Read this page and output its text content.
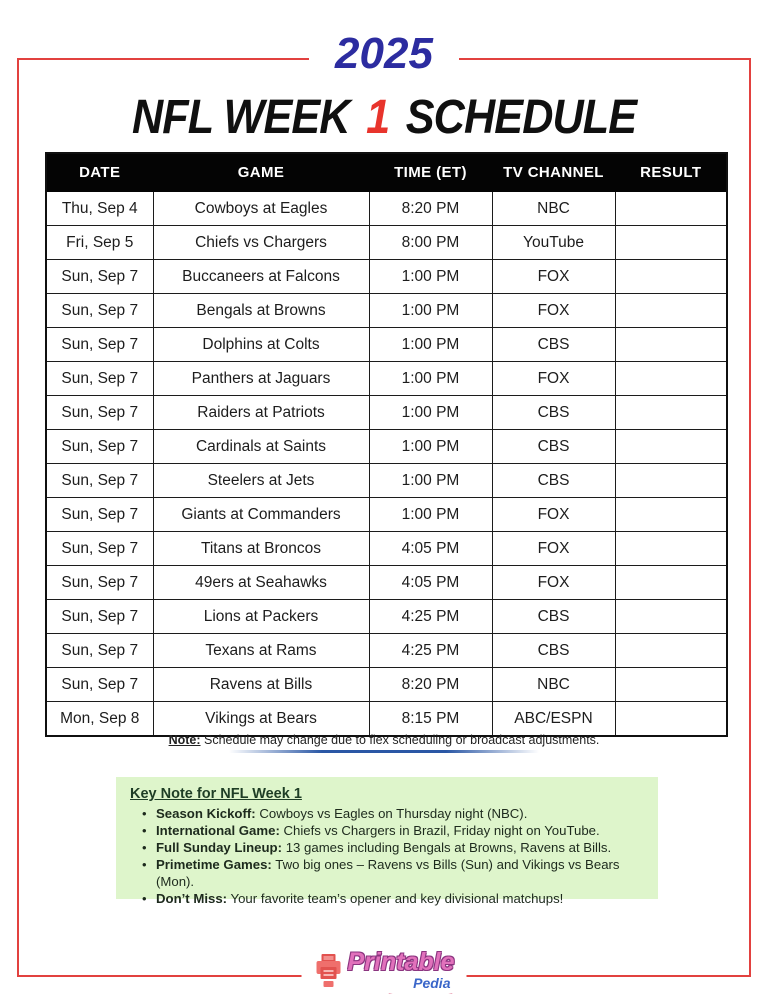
2025
NFL WEEK 1 SCHEDULE
DATE	GAME	TIME (ET)	TV CHANNEL	RESULT
Thu, Sep 4	Cowboys at Eagles	8:20 PM	NBC	
Fri, Sep 5	Chiefs vs Chargers	8:00 PM	YouTube	
Sun, Sep 7	Buccaneers at Falcons	1:00 PM	FOX	
Sun, Sep 7	Bengals at Browns	1:00 PM	FOX	
Sun, Sep 7	Dolphins at Colts	1:00 PM	CBS	
Sun, Sep 7	Panthers at Jaguars	1:00 PM	FOX	
Sun, Sep 7	Raiders at Patriots	1:00 PM	CBS	
Sun, Sep 7	Cardinals at Saints	1:00 PM	CBS	
Sun, Sep 7	Steelers at Jets	1:00 PM	CBS	
Sun, Sep 7	Giants at Commanders	1:00 PM	FOX	
Sun, Sep 7	Titans at Broncos	4:05 PM	FOX	
Sun, Sep 7	49ers at Seahawks	4:05 PM	FOX	
Sun, Sep 7	Lions at Packers	4:25 PM	CBS	
Sun, Sep 7	Texans at Rams	4:25 PM	CBS	
Sun, Sep 7	Ravens at Bills	8:20 PM	NBC	
Mon, Sep 8	Vikings at Bears	8:15 PM	ABC/ESPN	

Note: Schedule may change due to flex scheduling or broadcast adjustments.

Key Note for NFL Week 1
• Season Kickoff: Cowboys vs Eagles on Thursday night (NBC).
• International Game: Chiefs vs Chargers in Brazil, Friday night on YouTube.
• Full Sunday Lineup: 13 games including Bengals at Browns, Ravens at Bills.
• Primetime Games: Two big ones – Ravens vs Bills (Sun) and Vikings vs Bears (Mon).
• Don’t Miss: Your favorite team’s opener and key divisional matchups!
Printable
Pedia
